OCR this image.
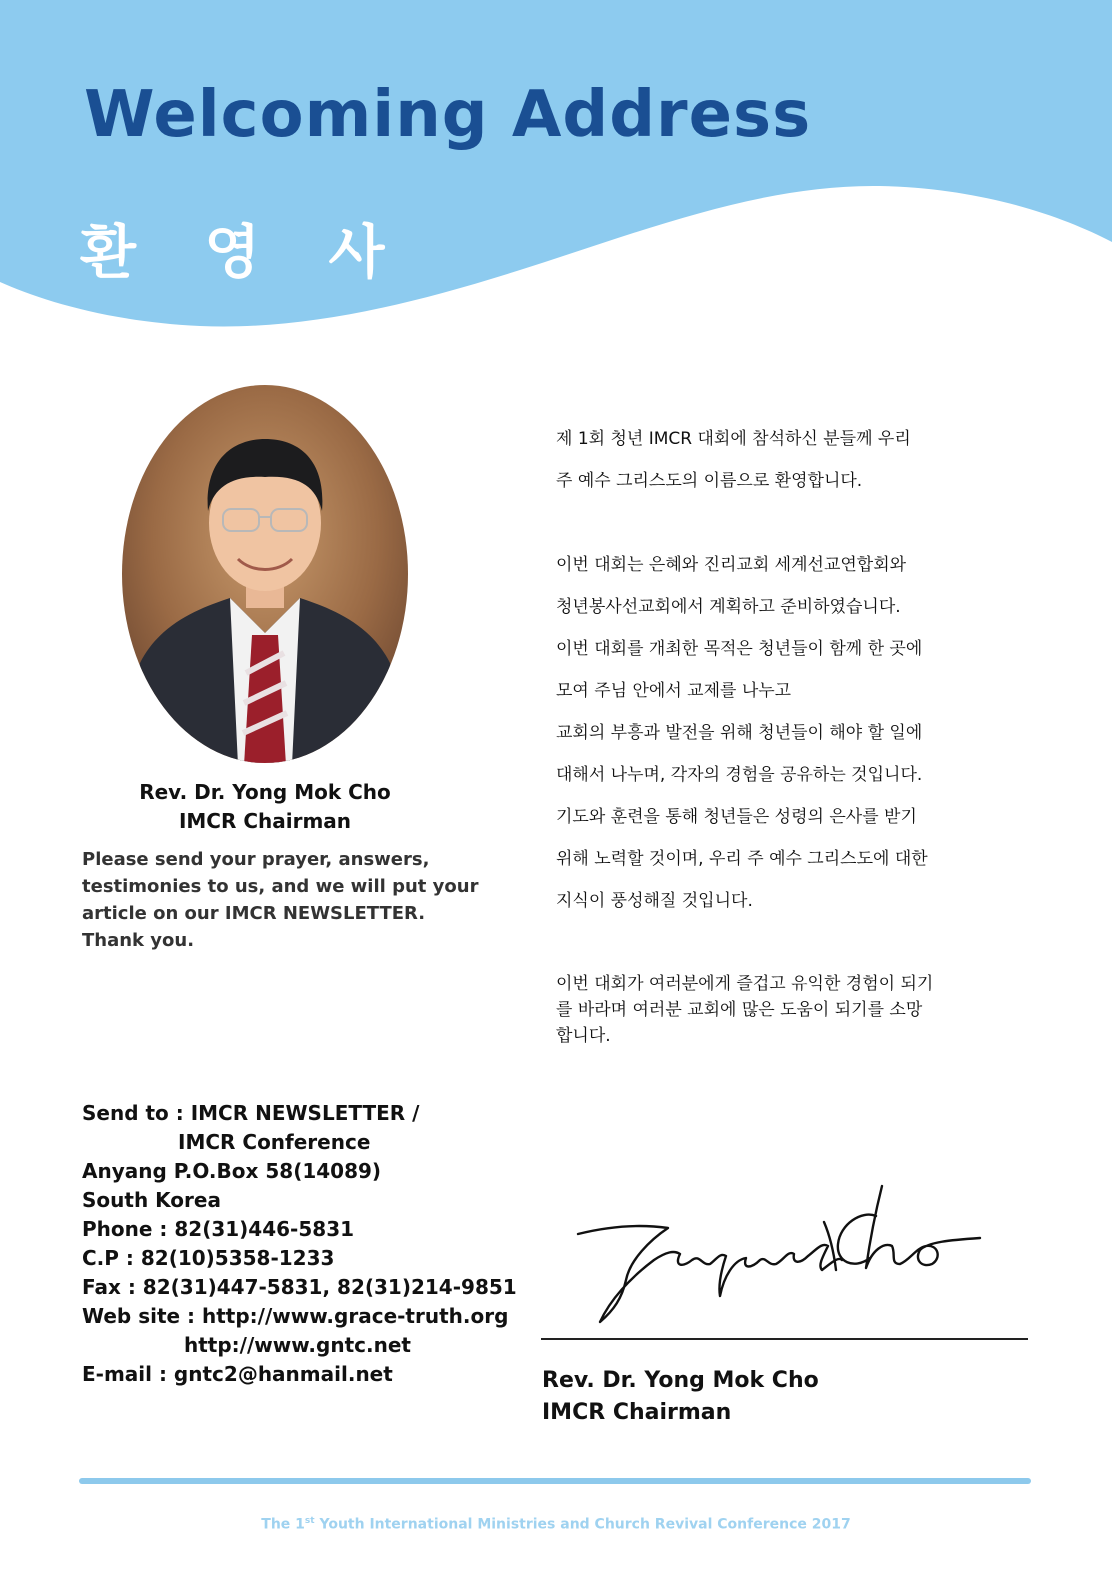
Welcoming Address
환 영 사
Rev. Dr. Yong Mok Cho
IMCR Chairman
Please send your prayer, answers,
testimonies to us, and we will put your
article on our IMCR NEWSLETTER.
Thank you.
제 1회 청년 IMCR 대회에 참석하신 분들께 우리
주 예수 그리스도의 이름으로 환영합니다.
이번 대회는 은혜와 진리교회 세계선교연합회와
청년봉사선교회에서 계획하고 준비하였습니다.
이번 대회를 개최한 목적은 청년들이 함께 한 곳에
모여 주님 안에서 교제를 나누고
교회의 부흥과 발전을 위해 청년들이 해야 할 일에
대해서 나누며, 각자의 경험을 공유하는 것입니다.
기도와 훈련을 통해 청년들은 성령의 은사를 받기
위해 노력할 것이며, 우리 주 예수 그리스도에 대한
지식이 풍성해질 것입니다.
이번 대회가 여러분에게 즐겁고 유익한 경험이 되기
를 바라며 여러분 교회에 많은 도움이 되기를 소망
합니다.
Send to : IMCR NEWSLETTER /
IMCR Conference
Anyang P.O.Box 58(14089)
South Korea
Phone : 82(31)446-5831
C.P : 82(10)5358-1233
Fax : 82(31)447-5831, 82(31)214-9851
Web site : http://www.grace-truth.org
http://www.gntc.net
E-mail : gntc2@hanmail.net	Rev. Dr. Yong Mok Cho
IMCR Chairman
The 1st Youth International Ministries and Church Revival Conference 2017
